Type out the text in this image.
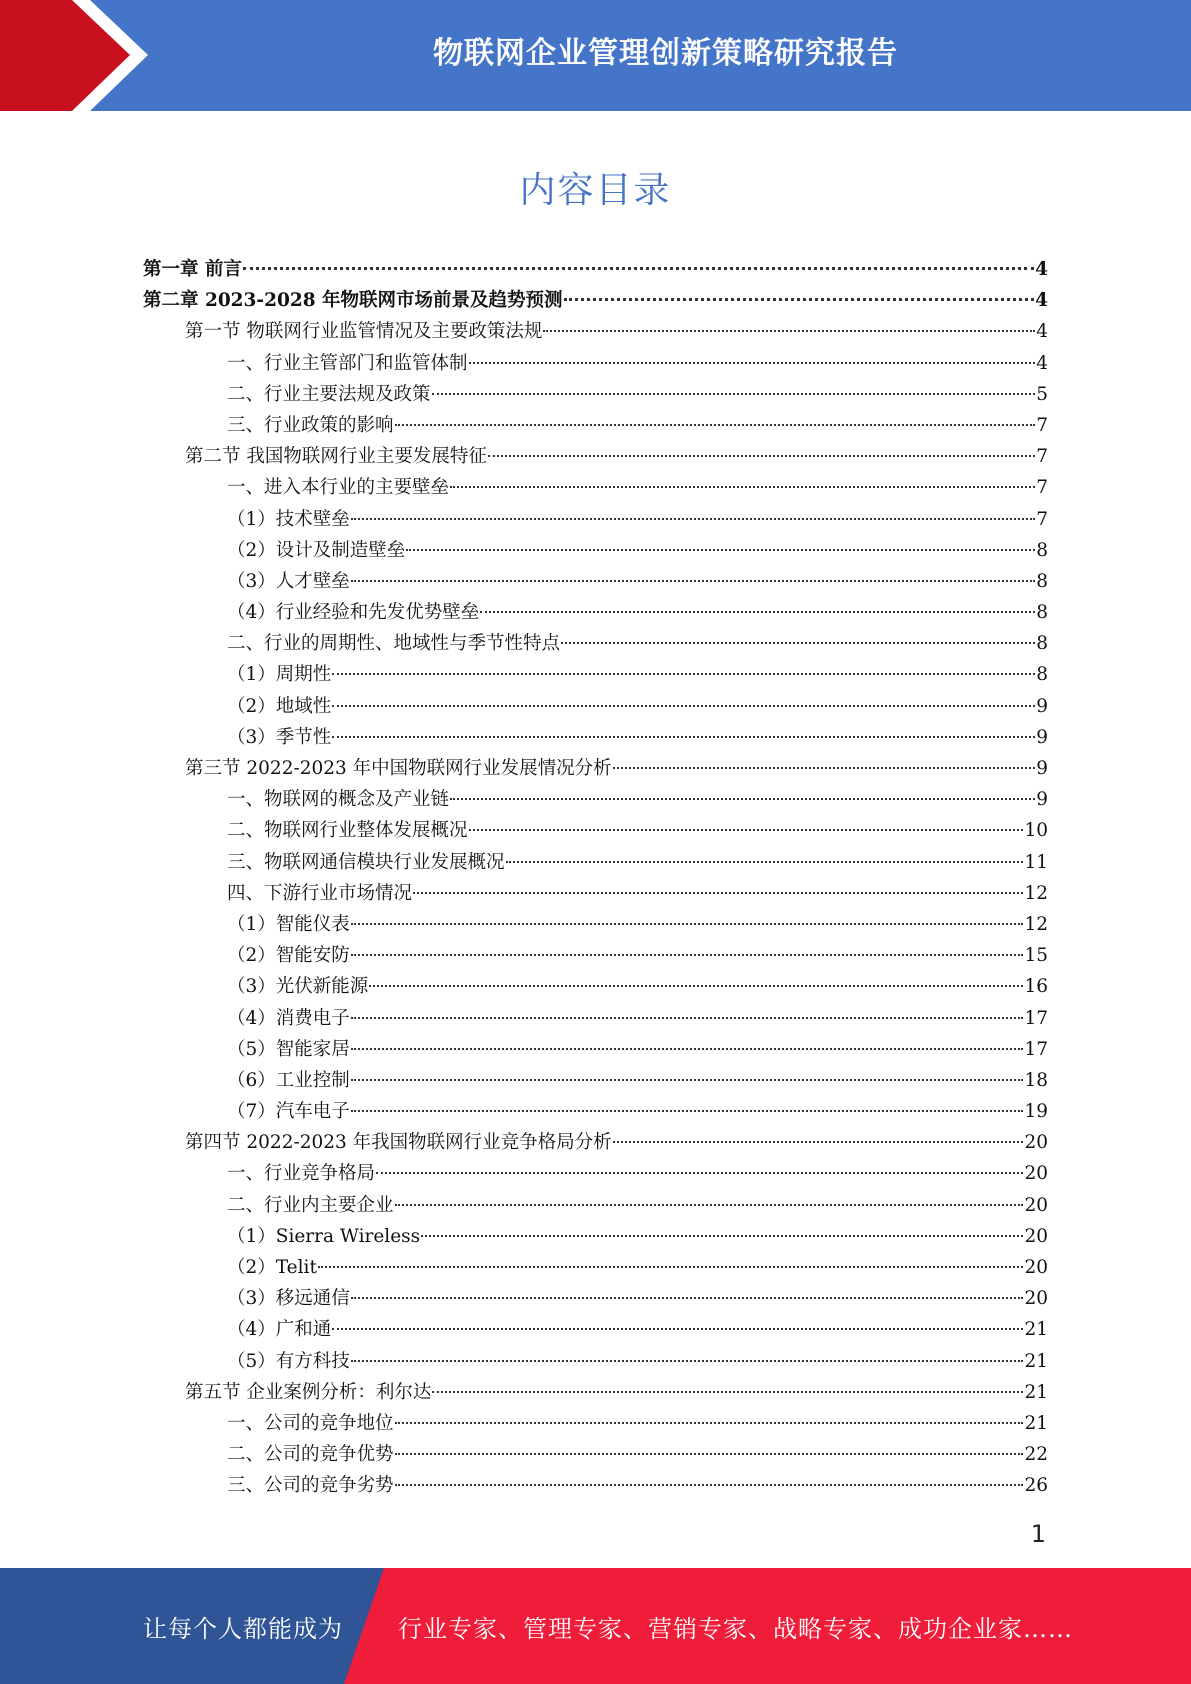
物联网企业管理创新策略研究报告
内容目录
第一章 前言	4
第二章 2023-2028 年物联网市场前景及趋势预测	4
第一节 物联网行业监管情况及主要政策法规	4
一、行业主管部门和监管体制	4
二、行业主要法规及政策	5
三、行业政策的影响	7
第二节 我国物联网行业主要发展特征	7
一、进入本行业的主要壁垒	7
（1）技术壁垒	7
（2）设计及制造壁垒	8
（3）人才壁垒	8
（4）行业经验和先发优势壁垒	8
二、行业的周期性、地域性与季节性特点	8
（1）周期性	8
（2）地域性	9
（3）季节性	9
第三节 2022-2023 年中国物联网行业发展情况分析	9
一、物联网的概念及产业链	9
二、物联网行业整体发展概况	10
三、物联网通信模块行业发展概况	11
四、下游行业市场情况	12
（1）智能仪表	12
（2）智能安防	15
（3）光伏新能源	16
（4）消费电子	17
（5）智能家居	17
（6）工业控制	18
（7）汽车电子	19
第四节 2022-2023 年我国物联网行业竞争格局分析	20
一、行业竞争格局	20
二、行业内主要企业	20
（1）Sierra Wireless	20
（2）Telit	20
（3）移远通信	20
（4）广和通	21
（5）有方科技	21
第五节 企业案例分析：利尔达	21
一、公司的竞争地位	21
二、公司的竞争优势	22
三、公司的竞争劣势	26
1
让每个人都能成为 行业专家、管理专家、营销专家、战略专家、成功企业家……
